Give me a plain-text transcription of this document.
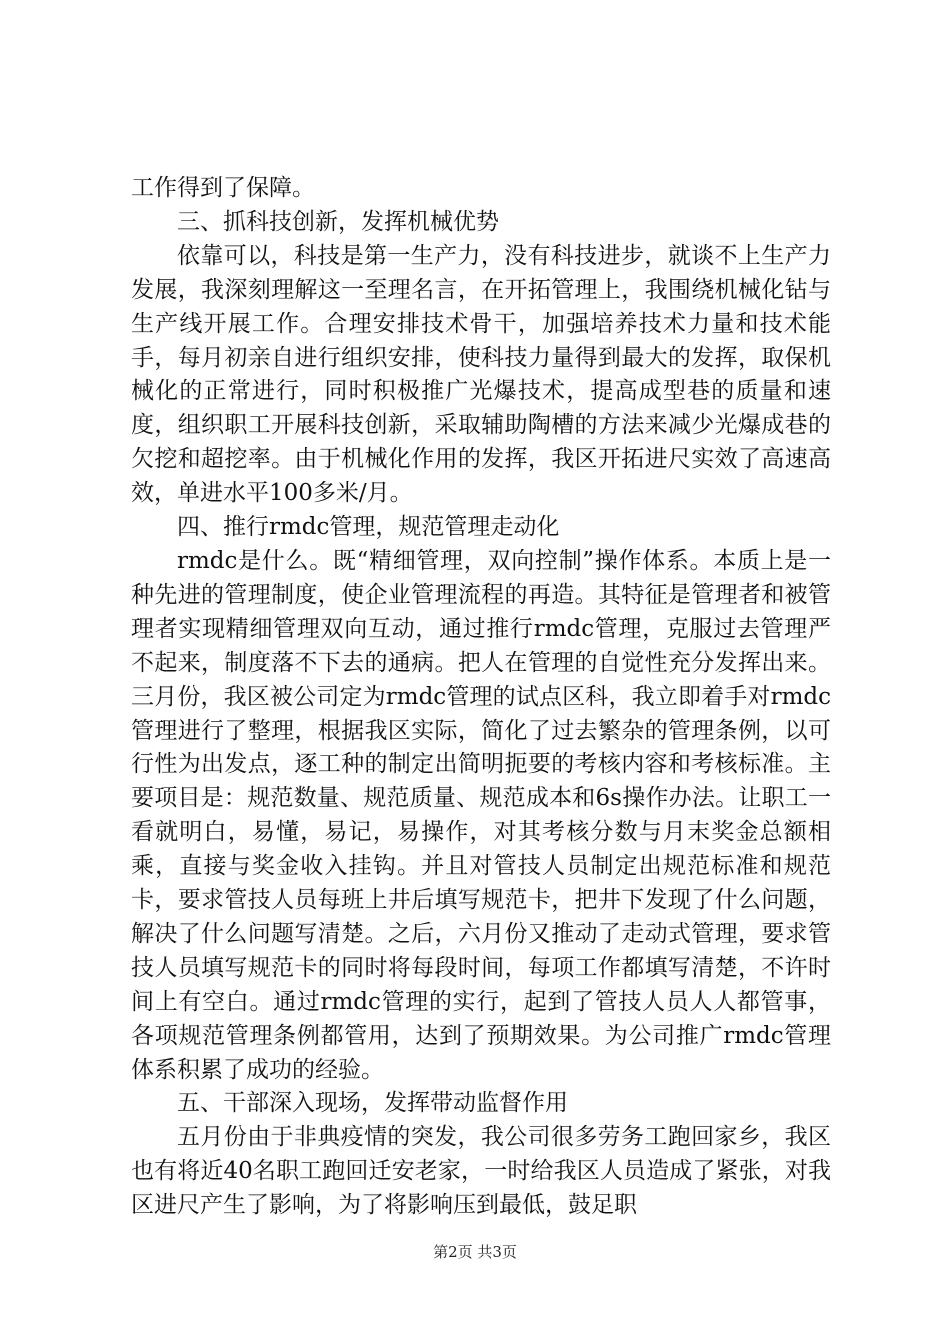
工作得到了保障。

三、抓科技创新，发挥机械优势

依靠可以，科技是第一生产力，没有科技进步，就谈不上生产力发展，我深刻理解这一至理名言，在开拓管理上，我围绕机械化钻与生产线开展工作。合理安排技术骨干，加强培养技术力量和技术能手，每月初亲自进行组织安排，使科技力量得到最大的发挥，取保机械化的正常进行，同时积极推广光爆技术，提高成型巷的质量和速度，组织职工开展科技创新，采取辅助陶槽的方法来减少光爆成巷的欠挖和超挖率。由于机械化作用的发挥，我区开拓进尺实效了高速高效，单进水平100多米/月。

四、推行rmdc管理，规范管理走动化

rmdc是什么。既“精细管理，双向控制”操作体系。本质上是一种先进的管理制度，使企业管理流程的再造。其特征是管理者和被管理者实现精细管理双向互动，通过推行rmdc管理，克服过去管理严不起来，制度落不下去的通病。把人在管理的自觉性充分发挥出来。三月份，我区被公司定为rmdc管理的试点区科，我立即着手对rmdc管理进行了整理，根据我区实际，简化了过去繁杂的管理条例，以可行性为出发点，逐工种的制定出简明扼要的考核内容和考核标准。主要项目是：规范数量、规范质量、规范成本和6s操作办法。让职工一看就明白，易懂，易记，易操作，对其考核分数与月末奖金总额相乘，直接与奖金收入挂钩。并且对管技人员制定出规范标准和规范卡，要求管技人员每班上井后填写规范卡，把井下发现了什么问题，解决了什么问题写清楚。之后，六月份又推动了走动式管理，要求管技人员填写规范卡的同时将每段时间，每项工作都填写清楚，不许时间上有空白。通过rmdc管理的实行，起到了管技人员人人都管事，各项规范管理条例都管用，达到了预期效果。为公司推广rmdc管理体系积累了成功的经验。

五、干部深入现场，发挥带动监督作用

五月份由于非典疫情的突发，我公司很多劳务工跑回家乡，我区也有将近40名职工跑回迁安老家，一时给我区人员造成了紧张，对我区进尺产生了影响，为了将影响压到最低，鼓足职

第2页 共3页
